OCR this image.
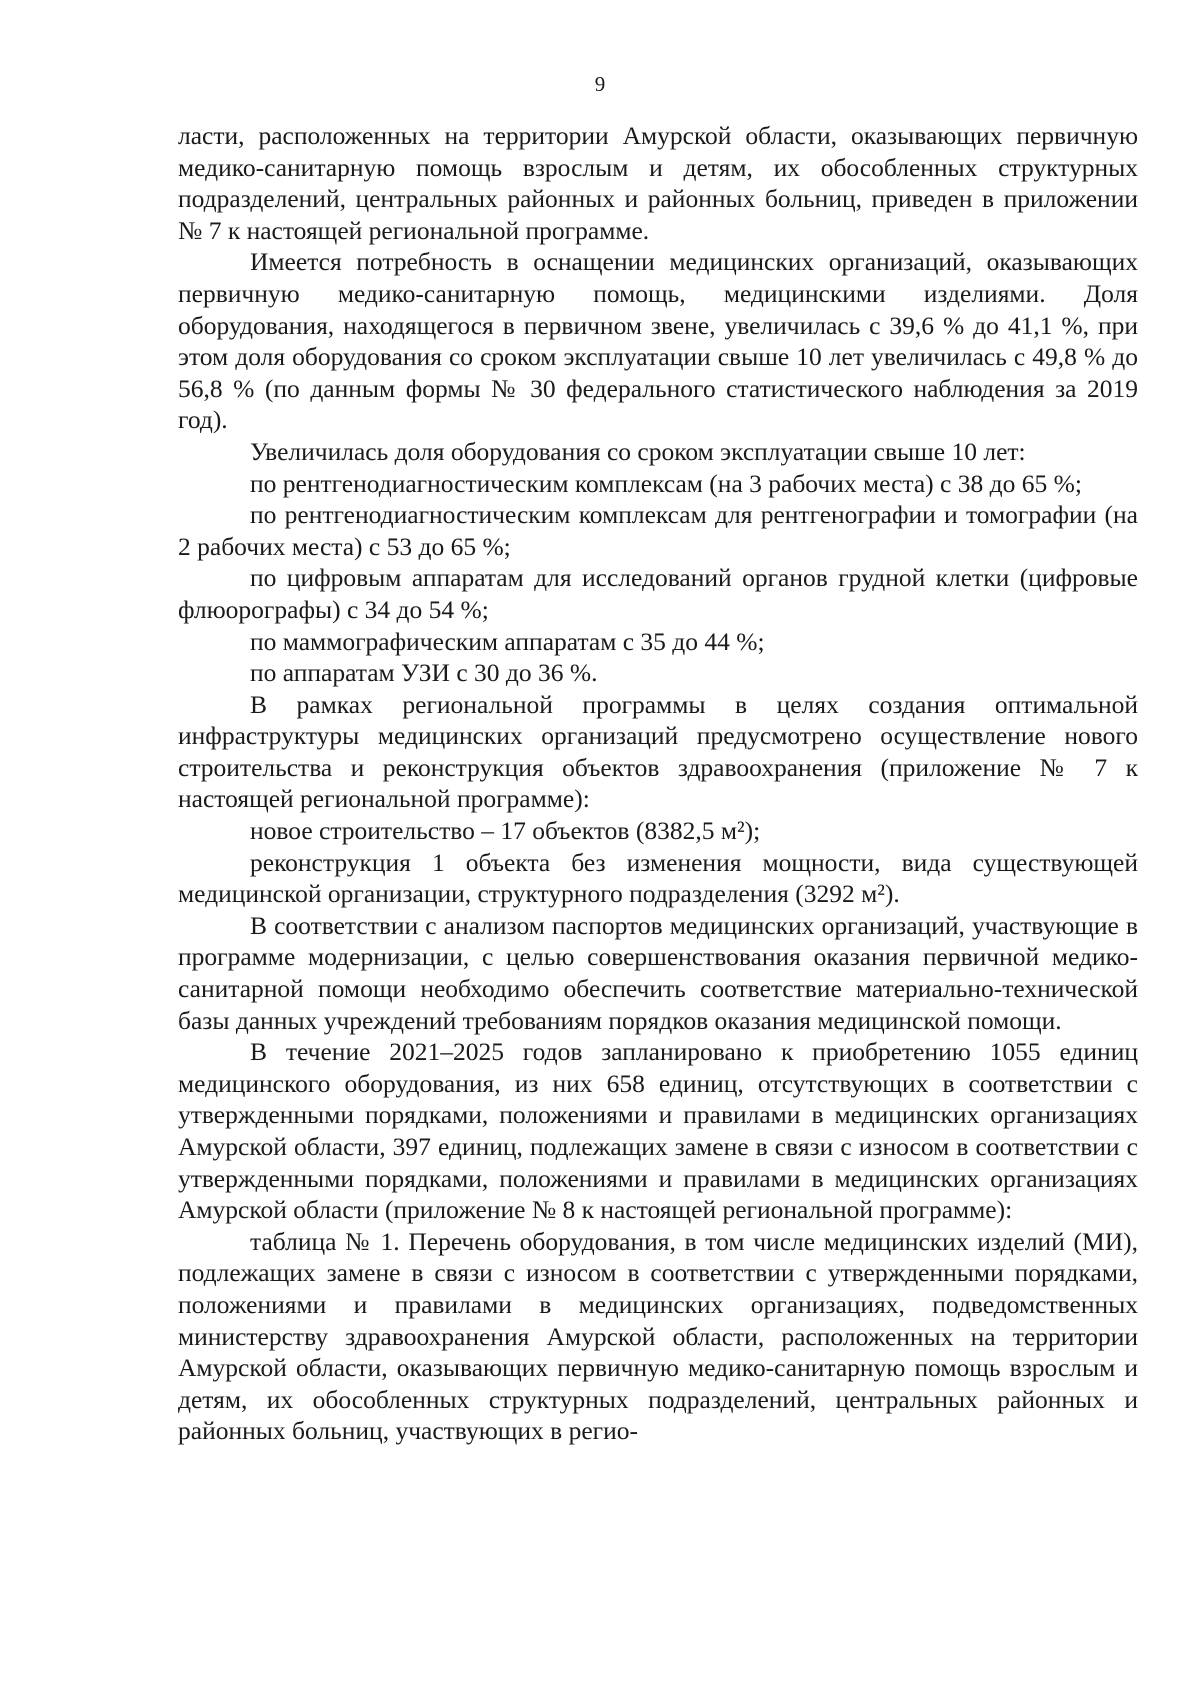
9

ласти, расположенных на территории Амурской области, оказывающих первичную медико-санитарную помощь взрослым и детям, их обособленных структурных подразделений, центральных районных и районных больниц, приведен в приложении № 7 к настоящей региональной программе.

Имеется потребность в оснащении медицинских организаций, оказывающих первичную медико-санитарную помощь, медицинскими изделиями. Доля оборудования, находящегося в первичном звене, увеличилась с 39,6 % до 41,1 %, при этом доля оборудования со сроком эксплуатации свыше 10 лет увеличилась с 49,8 % до 56,8 % (по данным формы № 30 федерального статистического наблюдения за 2019 год).

Увеличилась доля оборудования со сроком эксплуатации свыше 10 лет:

по рентгенодиагностическим комплексам (на 3 рабочих места) с 38 до 65 %;

по рентгенодиагностическим комплексам для рентгенографии и томографии (на 2 рабочих места) с 53 до 65 %;

по цифровым аппаратам для исследований органов грудной клетки (цифровые флюорографы) с 34 до 54 %;

по маммографическим аппаратам с 35 до 44 %;

по аппаратам УЗИ с 30 до 36 %.

В рамках региональной программы в целях создания оптимальной инфраструктуры медицинских организаций предусмотрено осуществление нового строительства и реконструкция объектов здравоохранения (приложение № 7 к настоящей региональной программе):

новое строительство – 17 объектов (8382,5 м²);

реконструкция 1 объекта без изменения мощности, вида существующей медицинской организации, структурного подразделения (3292 м²).

В соответствии с анализом паспортов медицинских организаций, участвующие в программе модернизации, с целью совершенствования оказания первичной медико-санитарной помощи необходимо обеспечить соответствие материально-технической базы данных учреждений требованиям порядков оказания медицинской помощи.

В течение 2021–2025 годов запланировано к приобретению 1055 единиц медицинского оборудования, из них 658 единиц, отсутствующих в соответствии с утвержденными порядками, положениями и правилами в медицинских организациях Амурской области, 397 единиц, подлежащих замене в связи с износом в соответствии с утвержденными порядками, положениями и правилами в медицинских организациях Амурской области (приложение № 8 к настоящей региональной программе):

таблица № 1. Перечень оборудования, в том числе медицинских изделий (МИ), подлежащих замене в связи с износом в соответствии с утвержденными порядками, положениями и правилами в медицинских организациях, подведомственных министерству здравоохранения Амурской области, расположенных на территории Амурской области, оказывающих первичную медико-санитарную помощь взрослым и детям, их обособленных структурных подразделений, центральных районных и районных больниц, участвующих в регио-
